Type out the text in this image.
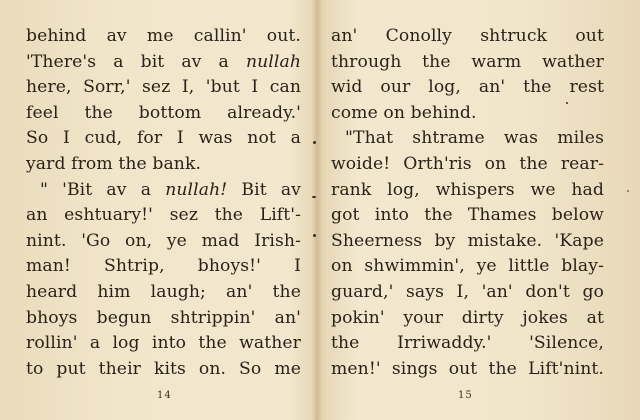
behind av me callin' out.
'There's a bit av a nullah
here, Sorr,' sez I, 'but I can
feel the bottom already.'
So I cud, for I was not a
yard from the bank.
" 'Bit av a nullah! Bit av
an eshtuary!' sez the Lift'-
nint. 'Go on, ye mad Irish-
man! Shtrip, bhoys!' I
heard him laugh; an' the
bhoys begun shtrippin' an'
rollin' a log into the wather
to put their kits on. So me
an' Conolly shtruck out
through the warm wather
wid our log, an' the rest
come on behind.
"That shtrame was miles
woide! Orth'ris on the rear-
rank log, whispers we had
got into the Thames below
Sheerness by mistake. 'Kape
on shwimmin', ye little blay-
guard,' says I, 'an' don't go
pokin' your dirty jokes at
the Irriwaddy.' 'Silence,
men!' sings out the Lift'nint.
14	15
